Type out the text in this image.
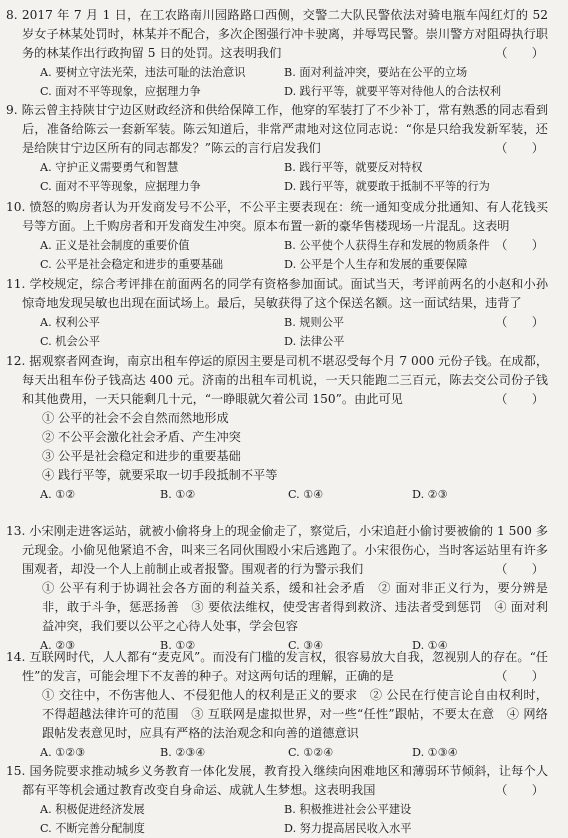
8. 2017 年 7 月 1 日，在工农路南川园路路口西侧，交警二大队民警依法对骑电瓶车闯红灯的 52 岁女子林某处罚时，林某并不配合，多次企图强行冲卡驶离，并辱骂民警。崇川警方对阻碍执行职务的林某作出行政拘留 5 日的处罚。这表明我们	（　　）
A. 要树立守法光荣，违法可耻的法治意识	B. 面对利益冲突，要站在公平的立场
C. 面对不平等现象，应据理力争	D. 践行平等，就要平等对待他人的合法权利
9. 陈云曾主持陕甘宁边区财政经济和供给保障工作，他穿的军装打了不少补丁，常有熟悉的同志看到后，准备给陈云一套新军装。陈云知道后，非常严肃地对这位同志说：“你是只给我发新军装，还是给陕甘宁边区所有的同志都发？”陈云的言行启发我们	（　　）
A. 守护正义需要勇气和智慧	B. 践行平等，就要反对特权
C. 面对不平等现象，应据理力争	D. 践行平等，就要敢于抵制不平等的行为
10. 愤怒的购房者认为开发商发号不公平，不公平主要表现在：统一通知变成分批通知、有人花钱买号等方面。上千购房者和开发商发生冲突。原本布置一新的豪华售楼现场一片混乱。这表明
（　　）
A. 正义是社会制度的重要价值	B. 公平使个人获得生存和发展的物质条件
C. 公平是社会稳定和进步的重要基础	D. 公平是个人生存和发展的重要保障
11. 学校规定，综合考评排在前面两名的同学有资格参加面试。面试当天，考评前两名的小赵和小孙惊奇地发现吴敏也出现在面试场上。最后，吴敏获得了这个保送名额。这一面试结果，违背了
（　　）
A. 权利公平	B. 规则公平
C. 机会公平	D. 法律公平
12. 据观察者网查询，南京出租车停运的原因主要是司机不堪忍受每个月 7 000 元份子钱。在成都，每天出租车份子钱高达 400 元。济南的出租车司机说，一天只能跑二三百元，陈去交公司份子钱和其他费用，一天只能剩几十元，“一睁眼就欠着公司 150”。由此可见	（　　）
① 公平的社会不会自然而然地形成
② 不公平会激化社会矛盾、产生冲突
③ 公平是社会稳定和进步的重要基础
④ 践行平等，就要采取一切手段抵制不平等
A. ①②	B. ①②	C. ①④	D. ②③
13. 小宋刚走进客运站，就被小偷将身上的现金偷走了，察觉后，小宋追赶小偷讨要被偷的 1 500 多元现金。小偷见他紧追不舍，叫来三名同伙围殴小宋后逃跑了。小宋很伤心，当时客运站里有许多围观者，却没一个人上前制止或者报警。围观者的行为警示我们	（　　）
① 公平有利于协调社会各方面的利益关系，缓和社会矛盾　② 面对非正义行为，要分辨是非，敢于斗争，惩恶扬善　③ 要依法维权，使受害者得到救济、违法者受到惩罚　④ 面对利益冲突，我们要以公平之心待人处事，学会包容
A. ②③	B. ①②	C. ③④	D. ①④
14. 互联网时代，人人都有“麦克风”。而没有门槛的发言权，很容易放大自我，忽视别人的存在。“任性”的发言，可能会埋下不友善的种子。对这两句话的理解，正确的是	（　　）
① 交往中，不伤害他人、不侵犯他人的权利是正义的要求　② 公民在行使言论自由权利时，不得超越法律许可的范围　③ 互联网是虚拟世界，对一些“任性”跟帖，不要太在意　④ 网络跟帖发表意见时，应具有严格的法治观念和向善的道德意识
A. ①②③	B. ②③④	C. ①②④	D. ①③④
15. 国务院要求推动城乡义务教育一体化发展，教育投入继续向困难地区和薄弱环节倾斜，让每个人都有平等机会通过教育改变自身命运、成就人生梦想。这表明我国	（　　）
A. 积极促进经济发展	B. 积极推进社会公平建设
C. 不断完善分配制度	D. 努力提高居民收入水平
